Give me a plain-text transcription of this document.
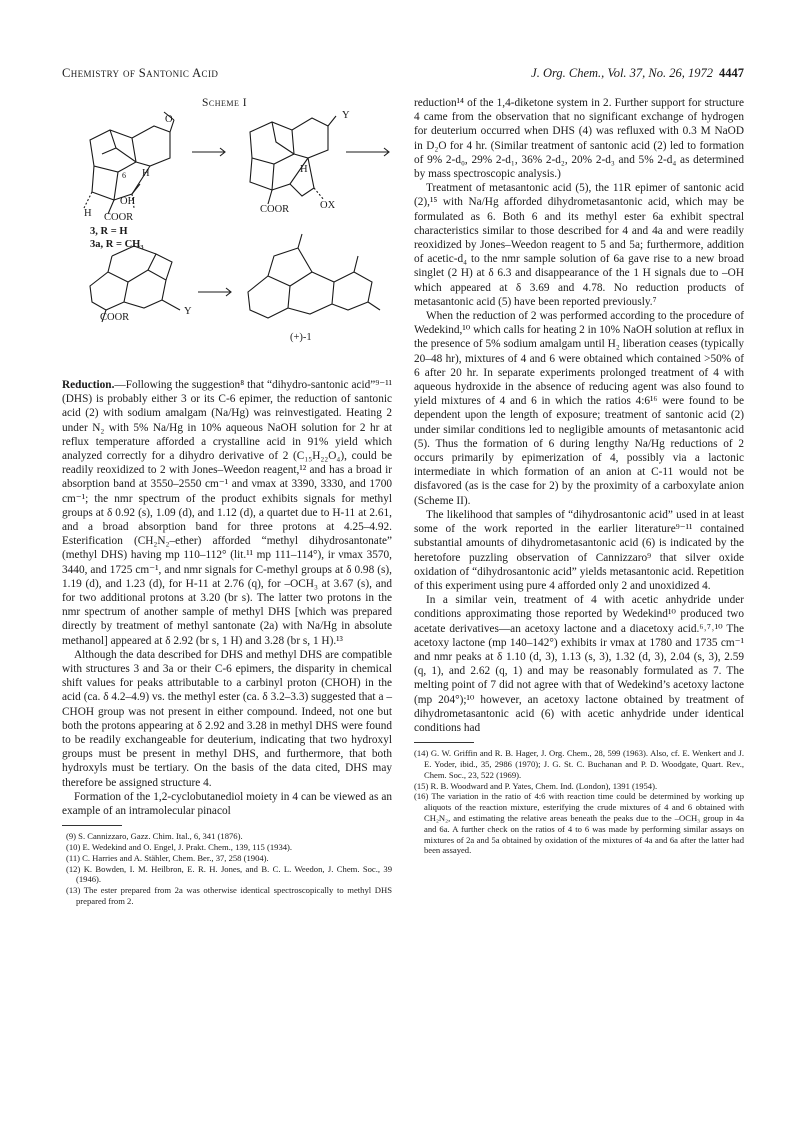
Chemistry of Santonic Acid	J. Org. Chem., Vol. 37, No. 26, 1972 4447
Scheme I
O	Y
H
6
OH
H COOR
H
OX
COOR
3, R = H
3a, R = CH₃
COOR
Y
(+)-1

Reduction.—Following the suggestion⁸ that “dihydro-santonic acid”⁹⁻¹¹ (DHS) is probably either 3 or its C-6 epimer, the reduction of santonic acid (2) with sodium amalgam (Na/Hg) was reinvestigated. Heating 2 under N₂ with 5% Na/Hg in 10% aqueous NaOH solution for 2 hr at reflux temperature afforded a crystalline acid in 91% yield which analyzed correctly for a dihydro derivative of 2 (C₁₅H₂₂O₄), could be readily reoxidized to 2 with Jones–Weedon reagent,¹² and has a broad ir absorption band at 3550–2550 cm⁻¹ and νmax at 3390, 3330, and 1700 cm⁻¹; the nmr spectrum of the product exhibits signals for methyl groups at δ 0.92 (s), 1.09 (d), and 1.12 (d), a quartet due to H-11 at 2.61, and a broad absorption band for three protons at 4.25–4.92. Esterification (CH₂N₂–ether) afforded “methyl dihydrosantonate” (methyl DHS) having mp 110–112° (lit.¹¹ mp 111–114°), ir νmax 3570, 3440, and 1725 cm⁻¹, and nmr signals for C-methyl groups at δ 0.98 (s), 1.19 (d), and 1.23 (d), for H-11 at 2.76 (q), for –OCH₃ at 3.67 (s), and for two additional protons at 3.20 (br s). The latter two protons in the nmr spectrum of another sample of methyl DHS [which was prepared directly by treatment of methyl santonate (2a) with Na/Hg in absolute methanol] appeared at δ 2.92 (br s, 1 H) and 3.28 (br s, 1 H).¹³

Although the data described for DHS and methyl DHS are compatible with structures 3 and 3a or their C-6 epimers, the disparity in chemical shift values for peaks attributable to a carbinyl proton (CHOH) in the acid (ca. δ 4.2–4.9) vs. the methyl ester (ca. δ 3.2–3.3) suggested that a –CHOH group was not present in either compound. Indeed, not one but both the protons appearing at δ 2.92 and 3.28 in methyl DHS were found to be readily exchangeable for deuterium, indicating that two hydroxyl groups must be present in methyl DHS, and furthermore, that both hydroxyls must be tertiary. On the basis of the data cited, DHS may therefore be assigned structure 4.

Formation of the 1,2-cyclobutanediol moiety in 4 can be viewed as an example of an intramolecular pinacol

(9) S. Cannizzaro, Gazz. Chim. Ital., 6, 341 (1876).
(10) E. Wedekind and O. Engel, J. Prakt. Chem., 139, 115 (1934).
(11) C. Harries and A. Stähler, Chem. Ber., 37, 258 (1904).
(12) K. Bowden, I. M. Heilbron, E. R. H. Jones, and B. C. L. Weedon, J. Chem. Soc., 39 (1946).
(13) The ester prepared from 2a was otherwise identical spectroscopically to methyl DHS prepared from 2.

reduction¹⁴ of the 1,4-diketone system in 2. Further support for structure 4 came from the observation that no significant exchange of hydrogen for deuterium occurred when DHS (4) was refluxed with 0.3 M NaOD in D₂O for 4 hr. (Similar treatment of santonic acid (2) led to formation of 9% 2-d₀, 29% 2-d₁, 36% 2-d₂, 20% 2-d₃ and 5% 2-d₄ as determined by mass spectroscopic analysis.)

Treatment of metasantonic acid (5), the 11R epimer of santonic acid (2),¹⁵ with Na/Hg afforded dihydrometasantonic acid, which may be formulated as 6. Both 6 and its methyl ester 6a exhibit spectral characteristics similar to those described for 4 and 4a and were readily reoxidized by Jones–Weedon reagent to 5 and 5a; furthermore, addition of acetic-d₄ to the nmr sample solution of 6a gave rise to a new broad singlet (2 H) at δ 6.3 and disappearance of the 1 H signals due to –OH which appeared at δ 3.69 and 4.78. No reduction products of metasantonic acid (5) have been reported previously.⁷

When the reduction of 2 was performed according to the procedure of Wedekind,¹⁰ which calls for heating 2 in 10% NaOH solution at reflux in the presence of 5% sodium amalgam until H₂ liberation ceases (typically 20–48 hr), mixtures of 4 and 6 were obtained which contained >50% of 6 after 20 hr. In separate experiments prolonged treatment of 4 with aqueous hydroxide in the absence of reducing agent was also found to yield mixtures of 4 and 6 in which the ratios 4:6¹⁶ were found to be dependent upon the length of exposure; treatment of santonic acid (2) under similar conditions led to negligible amounts of metasantonic acid (5). Thus the formation of 6 during lengthy Na/Hg reductions of 2 occurs primarily by epimerization of 4, possibly via a lactonic intermediate in which formation of an anion at C-11 would not be disfavored (as is the case for 2) by the proximity of a carboxylate anion (Scheme II).

The likelihood that samples of “dihydrosantonic acid” used in at least some of the work reported in the earlier literature⁹⁻¹¹ contained substantial amounts of dihydrometasantonic acid (6) is indicated by the heretofore puzzling observation of Cannizzaro⁹ that silver oxide oxidation of “dihydrosantonic acid” yields metasantonic acid. Repetition of this experiment using pure 4 afforded only 2 and unoxidized 4.

In a similar vein, treatment of 4 with acetic anhydride under conditions approximating those reported by Wedekind¹⁰ produced two acetate derivatives—an acetoxy lactone and a diacetoxy acid.⁶˒⁷˒¹⁰ The acetoxy lactone (mp 140–142°) exhibits ir νmax at 1780 and 1735 cm⁻¹ and nmr peaks at δ 1.10 (d, 3), 1.13 (s, 3), 1.32 (d, 3), 2.04 (s, 3), 2.59 (q, 1), and 2.62 (q, 1) and may be reasonably formulated as 7. The melting point of 7 did not agree with that of Wedekind’s acetoxy lactone (mp 204°);¹⁰ however, an acetoxy lactone obtained by treatment of dihydrometasantonic acid (6) with acetic anhydride under identical conditions had

(14) G. W. Griffin and R. B. Hager, J. Org. Chem., 28, 599 (1963). Also, cf. E. Wenkert and J. E. Yoder, ibid., 35, 2986 (1970); J. G. St. C. Buchanan and P. D. Woodgate, Quart. Rev., Chem. Soc., 23, 522 (1969).
(15) R. B. Woodward and P. Yates, Chem. Ind. (London), 1391 (1954).
(16) The variation in the ratio of 4:6 with reaction time could be determined by working up aliquots of the reaction mixture, esterifying the crude mixtures of 4 and 6 obtained with CH₂N₂, and estimating the relative areas beneath the peaks due to the –OCH₃ group in 4a and 6a. A further check on the ratios of 4 to 6 was made by performing similar assays on mixtures of 2a and 5a obtained by oxidation of the mixtures of 4a and 6a after the latter had been assayed.
